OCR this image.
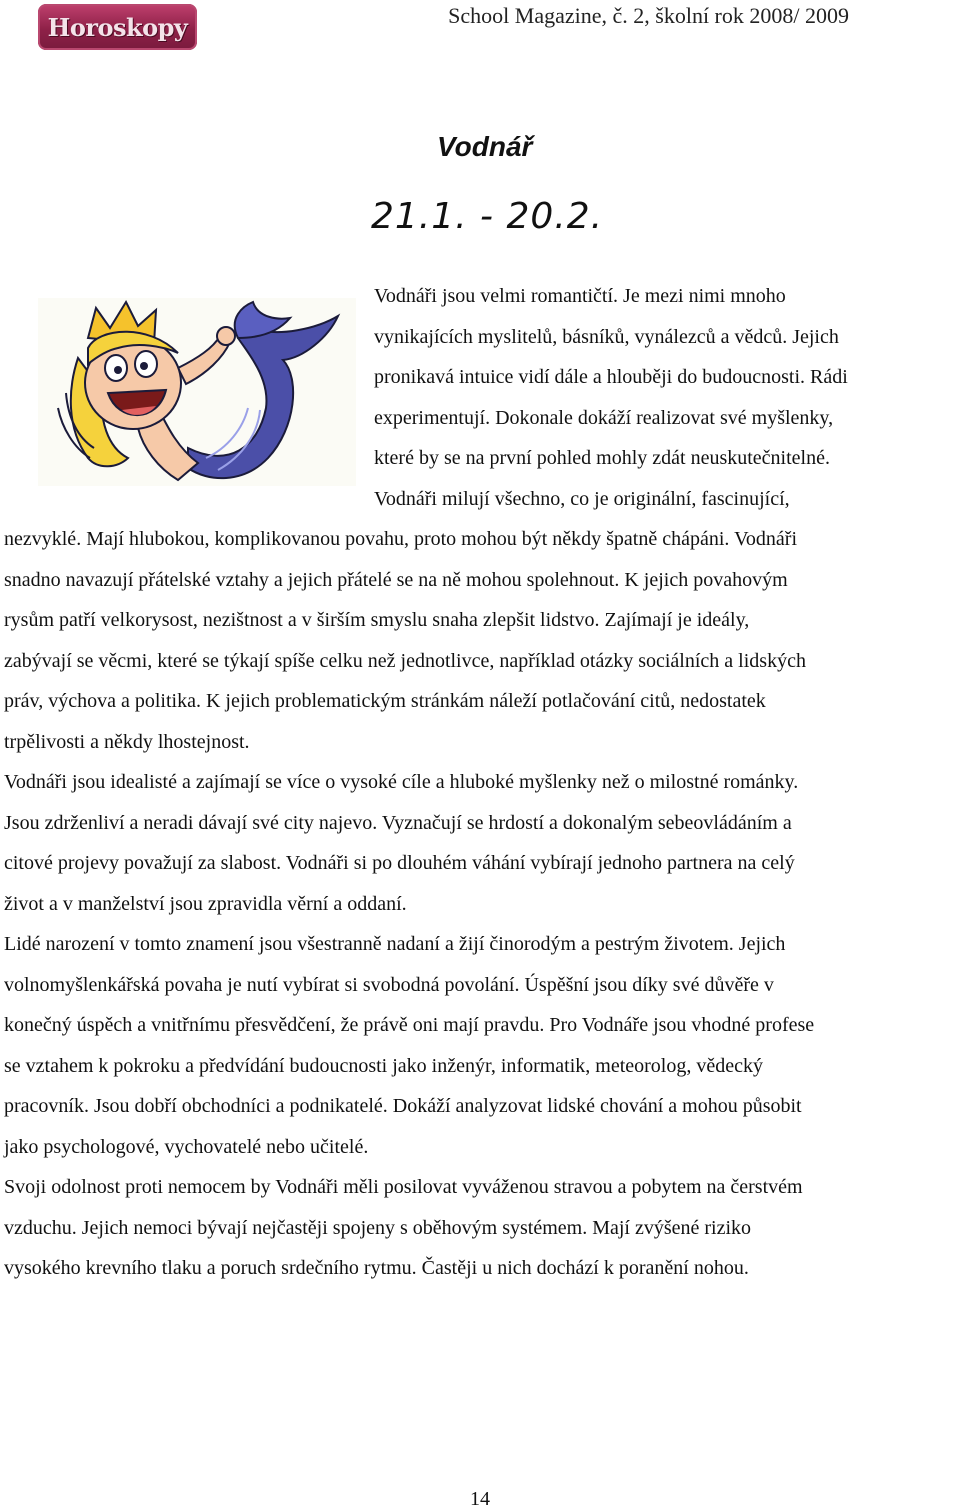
Horoskopy	School Magazine, č. 2, školní rok 2008/ 2009
Vodnář
21.1. - 20.2.
Vodnáři jsou velmi romantičtí. Je mezi nimi mnoho
vynikajících myslitelů, básníků, vynálezců a vědců. Jejich
pronikavá intuice vidí dále a hlouběji do budoucnosti. Rádi
experimentují. Dokonale dokáží realizovat své myšlenky,
které by se na první pohled mohly zdát neuskutečnitelné.
Vodnáři milují všechno, co je originální, fascinující,
nezvyklé. Mají hlubokou, komplikovanou povahu, proto mohou být někdy špatně chápáni. Vodnáři
snadno navazují přátelské vztahy a jejich přátelé se na ně mohou spolehnout. K jejich povahovým
rysům patří velkorysost, nezištnost a v širším smyslu snaha zlepšit lidstvo. Zajímají je ideály,
zabývají se věcmi, které se týkají spíše celku než jednotlivce, například otázky sociálních a lidských
práv, výchova a politika. K jejich problematickým stránkám náleží potlačování citů, nedostatek
trpělivosti a někdy lhostejnost.
Vodnáři jsou idealisté a zajímají se více o vysoké cíle a hluboké myšlenky než o milostné románky.
Jsou zdrženliví a neradi dávají své city najevo. Vyznačují se hrdostí a dokonalým sebeovládáním a
citové projevy považují za slabost. Vodnáři si po dlouhém váhání vybírají jednoho partnera na celý
život a v manželství jsou zpravidla věrní a oddaní.
Lidé narození v tomto znamení jsou všestranně nadaní a žijí činorodým a pestrým životem. Jejich
volnomyšlenkářská povaha je nutí vybírat si svobodná povolání. Úspěšní jsou díky své důvěře v
konečný úspěch a vnitřnímu přesvědčení, že právě oni mají pravdu. Pro Vodnáře jsou vhodné profese
se vztahem k pokroku a předvídání budoucnosti jako inženýr, informatik, meteorolog, vědecký
pracovník. Jsou dobří obchodníci a podnikatelé. Dokáží analyzovat lidské chování a mohou působit
jako psychologové, vychovatelé nebo učitelé.
Svoji odolnost proti nemocem by Vodnáři měli posilovat vyváženou stravou a pobytem na čerstvém
vzduchu. Jejich nemoci bývají nejčastěji spojeny s oběhovým systémem. Mají zvýšené riziko
vysokého krevního tlaku a poruch srdečního rytmu. Častěji u nich dochází k poranění nohou.
14
